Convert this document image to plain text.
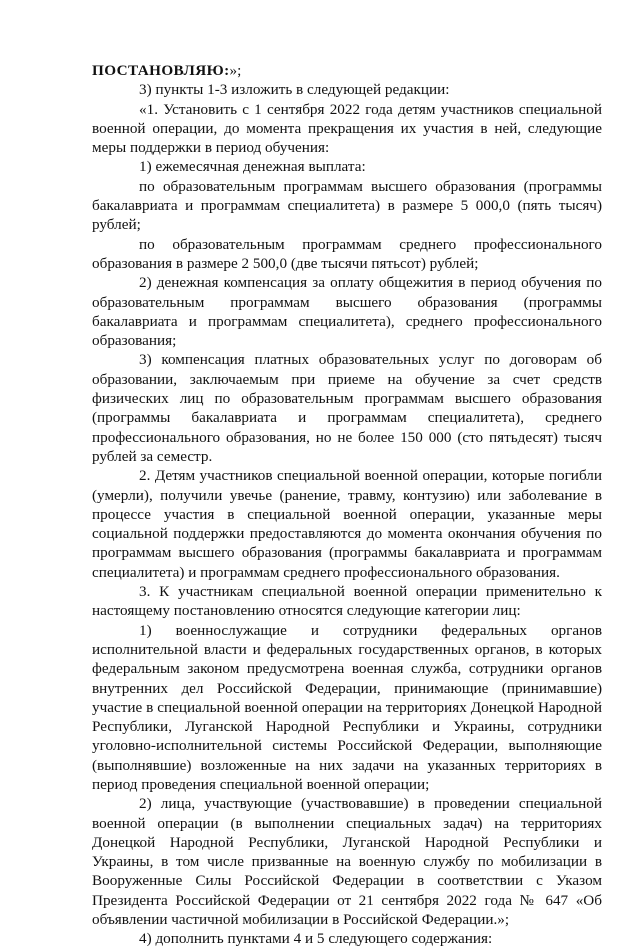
ПОСТАНОВЛЯЮ:»;

3) пункты 1-3 изложить в следующей редакции:

«1. Установить с 1 сентября 2022 года детям участников специальной военной операции, до момента прекращения их участия в ней, следующие меры поддержки в период обучения:

1) ежемесячная денежная выплата:

по образовательным программам высшего образования (программы бакалавриата и программам специалитета) в размере 5 000,0 (пять тысяч) рублей;

по образовательным программам среднего профессионального образования в размере 2 500,0 (две тысячи пятьсот) рублей;

2) денежная компенсация за оплату общежития в период обучения по образовательным программам высшего образования (программы бакалавриата и программам специалитета), среднего профессионального образования;

3) компенсация платных образовательных услуг по договорам об образовании, заключаемым при приеме на обучение за счет средств физических лиц по образовательным программам высшего образования (программы бакалавриата и программам специалитета), среднего профессионального образования, но не более 150 000 (сто пятьдесят) тысяч рублей за семестр.

2. Детям участников специальной военной операции, которые погибли (умерли), получили увечье (ранение, травму, контузию) или заболевание в процессе участия в специальной военной операции, указанные меры социальной поддержки предоставляются до момента окончания обучения по программам высшего образования (программы бакалавриата и программам специалитета) и программам среднего профессионального образования.

3. К участникам специальной военной операции применительно к настоящему постановлению относятся следующие категории лиц:

1) военнослужащие и сотрудники федеральных органов исполнительной власти и федеральных государственных органов, в которых федеральным законом предусмотрена военная служба, сотрудники органов внутренних дел Российской Федерации, принимающие (принимавшие) участие в специальной военной операции на территориях Донецкой Народной Республики, Луганской Народной Республики и Украины, сотрудники уголовно-исполнительной системы Российской Федерации, выполняющие (выполнявшие) возложенные на них задачи на указанных территориях в период проведения специальной военной операции;

2) лица, участвующие (участвовавшие) в проведении специальной военной операции (в выполнении специальных задач) на территориях Донецкой Народной Республики, Луганской Народной Республики и Украины, в том числе призванные на военную службу по мобилизации в Вооруженные Силы Российской Федерации в соответствии с Указом Президента Российской Федерации от 21 сентября 2022 года № 647 «Об объявлении частичной мобилизации в Российской Федерации.»;

4) дополнить пунктами 4 и 5 следующего содержания:
